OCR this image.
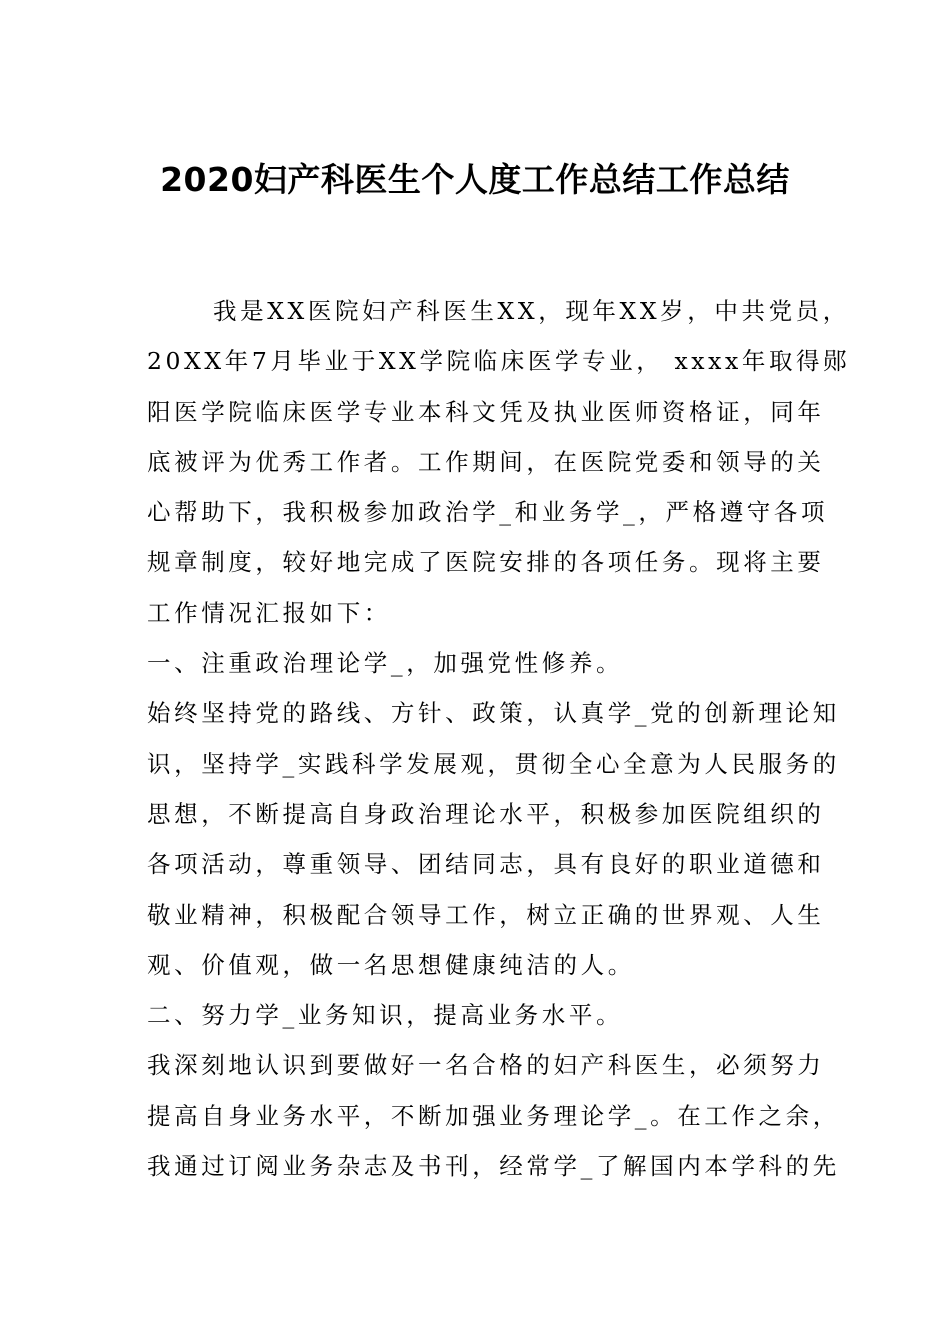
2020妇产科医生个人度工作总结工作总结
我是XX医院妇产科医生XX，现年XX岁，中共党员，
20XX年7月毕业于XX学院临床医学专业， xxxx年取得郧
阳医学院临床医学专业本科文凭及执业医师资格证，同年
底被评为优秀工作者。工作期间，在医院党委和领导的关
心帮助下，我积极参加政治学_和业务学_，严格遵守各项
规章制度，较好地完成了医院安排的各项任务。现将主要
工作情况汇报如下：
一、注重政治理论学_，加强党性修养。
始终坚持党的路线、方针、政策，认真学_党的创新理论知
识，坚持学_实践科学发展观，贯彻全心全意为人民服务的
思想，不断提高自身政治理论水平，积极参加医院组织的
各项活动，尊重领导、团结同志，具有良好的职业道德和
敬业精神，积极配合领导工作，树立正确的世界观、人生
观、价值观，做一名思想健康纯洁的人。
二、努力学_业务知识，提高业务水平。
我深刻地认识到要做好一名合格的妇产科医生，必须努力
提高自身业务水平，不断加强业务理论学_。在工作之余，
我通过订阅业务杂志及书刊，经常学_了解国内本学科的先
